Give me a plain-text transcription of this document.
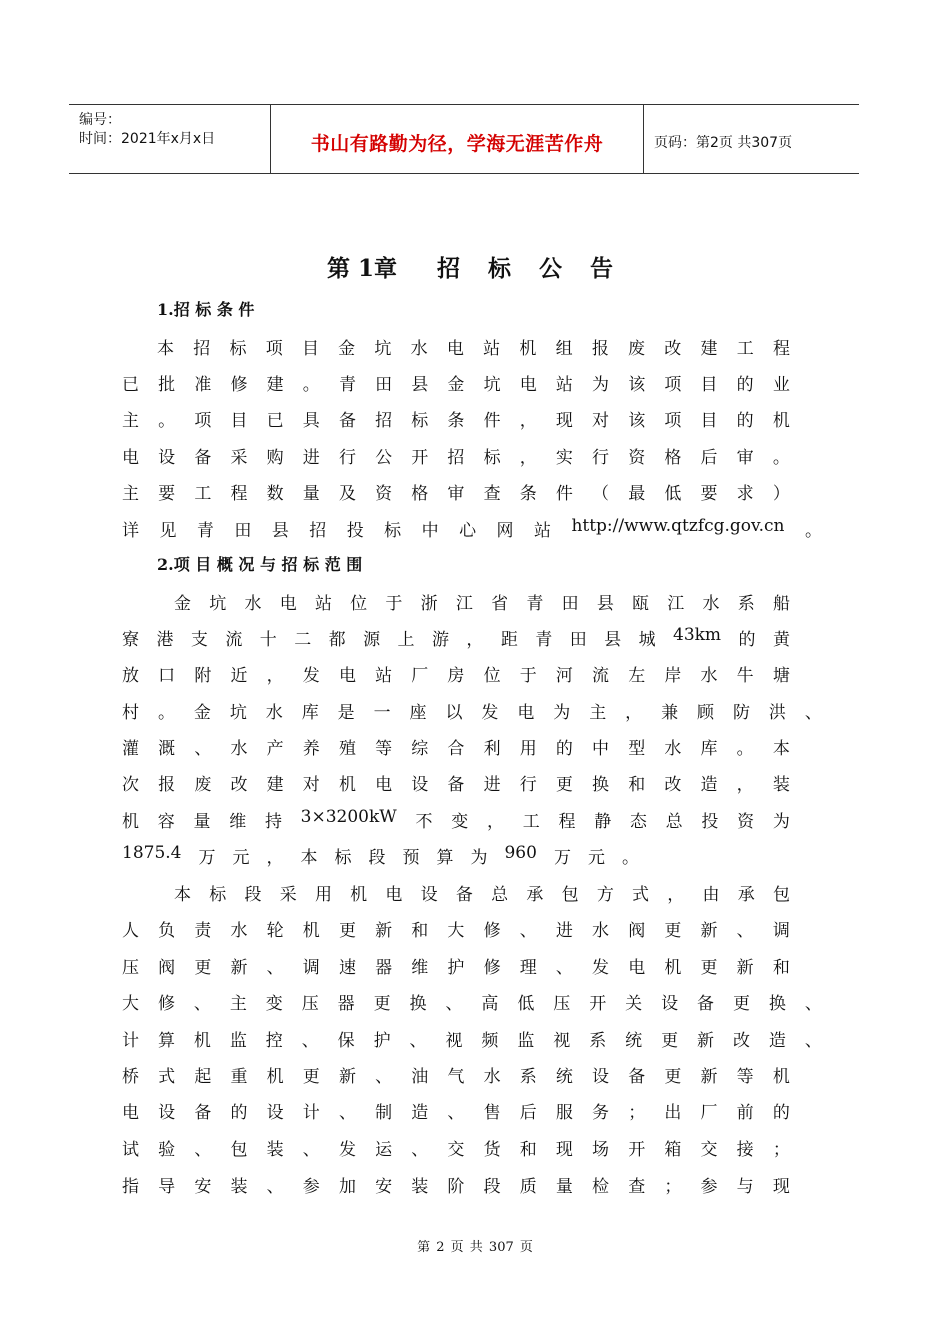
编号：
时间：2021年x月x日	书山有路勤为径，学海无涯苦作舟	页码：第2页 共307页
第 1章 招 标 公 告
1.招 标 条 件
本 招 标 项 目 金 坑 水 电 站 机 组 报 废 改 建 工 程
已 批 准 修 建 。 青 田 县 金 坑 电 站 为 该 项 目 的 业
主 。 项 目 已 具 备 招 标 条 件 ， 现 对 该 项 目 的 机
电 设 备 采 购 进 行 公 开 招 标 ， 实 行 资 格 后 审 。
主 要 工 程 数 量 及 资 格 审 查 条 件 （ 最 低 要 求 ）
详 见 青 田 县 招 投 标 中 心 网 站 http://www.qtzfcg.gov.cn 。
2.项 目 概 况 与 招 标 范 围
金 坑 水 电 站 位 于 浙 江 省 青 田 县 瓯 江 水 系 船
寮 港 支 流 十 二 都 源 上 游 ， 距 青 田 县 城 43km 的 黄
放 口 附 近 ， 发 电 站 厂 房 位 于 河 流 左 岸 水 牛 塘
村 。 金 坑 水 库 是 一 座 以 发 电 为 主 ， 兼 顾 防 洪 、
灌 溉 、 水 产 养 殖 等 综 合 利 用 的 中 型 水 库 。 本
次 报 废 改 建 对 机 电 设 备 进 行 更 换 和 改 造 ， 装
机 容 量 维 持 3×3200kW 不 变 ， 工 程 静 态 总 投 资 为
1875.4 万 元 ， 本 标 段 预 算 为 960 万 元 。
本 标 段 采 用 机 电 设 备 总 承 包 方 式 ， 由 承 包
人 负 责 水 轮 机 更 新 和 大 修 、 进 水 阀 更 新 、 调
压 阀 更 新 、 调 速 器 维 护 修 理 、 发 电 机 更 新 和
大 修 、 主 变 压 器 更 换 、 高 低 压 开 关 设 备 更 换 、
计 算 机 监 控 、 保 护 、 视 频 监 视 系 统 更 新 改 造 、
桥 式 起 重 机 更 新 、 油 气 水 系 统 设 备 更 新 等 机
电 设 备 的 设 计 、 制 造 、 售 后 服 务 ； 出 厂 前 的
试 验 、 包 装 、 发 运 、 交 货 和 现 场 开 箱 交 接 ；
指 导 安 装 、 参 加 安 装 阶 段 质 量 检 查 ； 参 与 现
第 2 页 共 307 页
